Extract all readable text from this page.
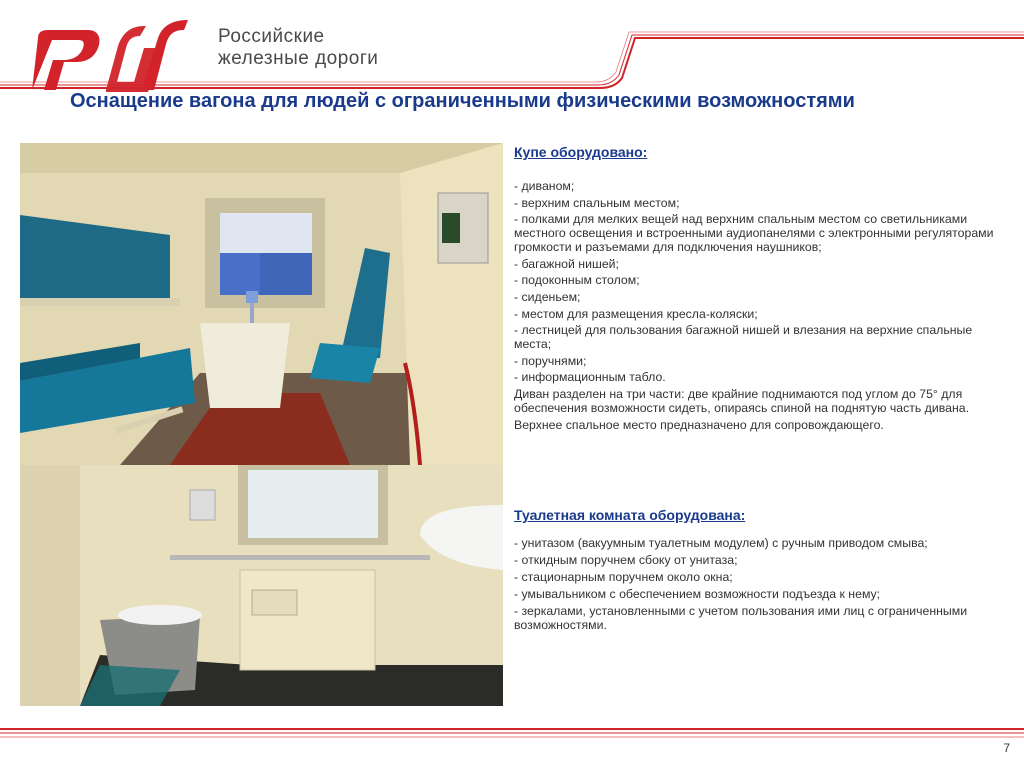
Российские
железные дороги
Оснащение вагона для людей с ограниченными физическими возможностями
Купе оборудовано:
- диваном;
- верхним спальным местом;
- полками для мелких вещей над верхним спальным местом со светильниками местного освещения и встроенными аудиопанелями с электронными регуляторами громкости и разъемами для подключения наушников;
- багажной нишей;
- подоконным столом;
- сиденьем;
- местом для размещения кресла-коляски;
- лестницей для пользования багажной нишей и влезания на верхние спальные места;
- поручнями;
- информационным табло.
Диван разделен на три части: две крайние поднимаются под углом до 75° для обеспечения возможности сидеть, опираясь спиной на поднятую часть дивана.
Верхнее спальное место предназначено для сопровождающего.
Туалетная комната оборудована:
- унитазом (вакуумным туалетным модулем) с ручным приводом смыва;
- откидным поручнем сбоку от унитаза;
- стационарным поручнем около окна;
- умывальником с обеспечением возможности подъезда к нему;
- зеркалами, установленными с учетом пользования ими лиц с ограниченными возможностями.
7
